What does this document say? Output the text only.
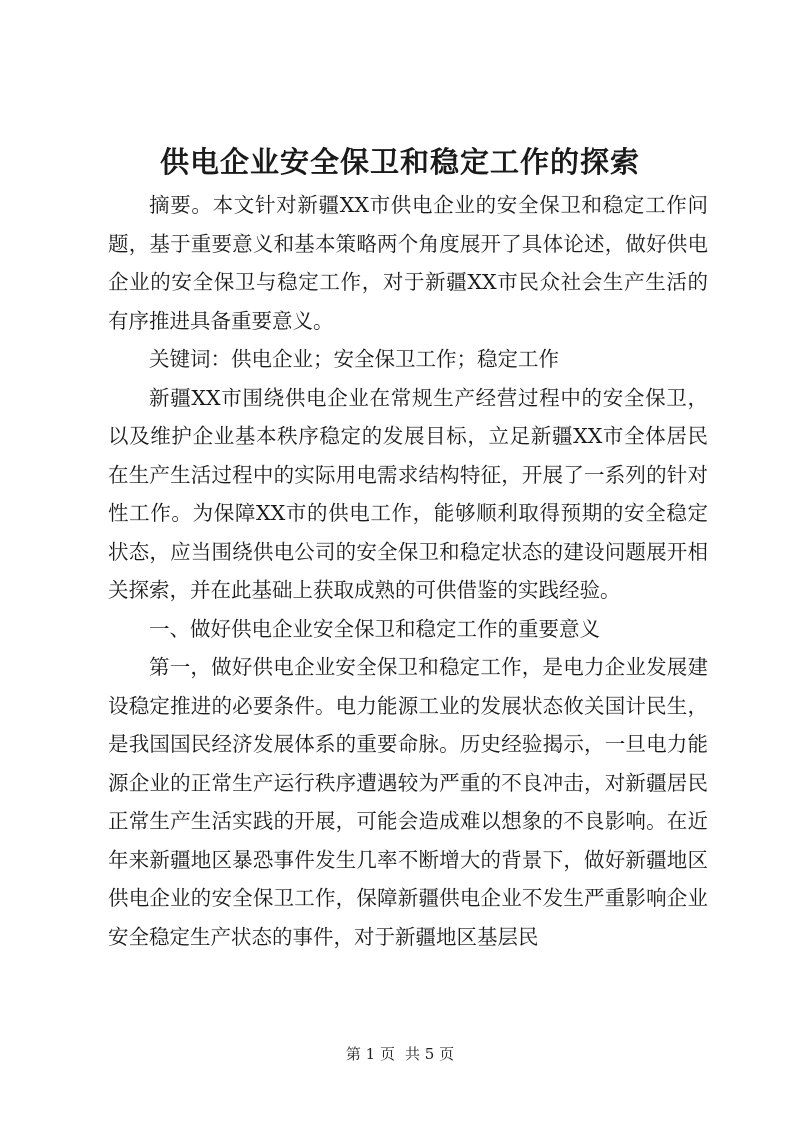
供电企业安全保卫和稳定工作的探索

摘要。本文针对新疆XX市供电企业的安全保卫和稳定工作问题，基于重要意义和基本策略两个角度展开了具体论述，做好供电企业的安全保卫与稳定工作，对于新疆XX市民众社会生产生活的有序推进具备重要意义。

关键词：供电企业；安全保卫工作；稳定工作

新疆XX市围绕供电企业在常规生产经营过程中的安全保卫，以及维护企业基本秩序稳定的发展目标，立足新疆XX市全体居民在生产生活过程中的实际用电需求结构特征，开展了一系列的针对性工作。为保障XX市的供电工作，能够顺利取得预期的安全稳定状态，应当围绕供电公司的安全保卫和稳定状态的建设问题展开相关探索，并在此基础上获取成熟的可供借鉴的实践经验。

一、做好供电企业安全保卫和稳定工作的重要意义

第一，做好供电企业安全保卫和稳定工作，是电力企业发展建设稳定推进的必要条件。电力能源工业的发展状态攸关国计民生，是我国国民经济发展体系的重要命脉。历史经验揭示，一旦电力能源企业的正常生产运行秩序遭遇较为严重的不良冲击，对新疆居民正常生产生活实践的开展，可能会造成难以想象的不良影响。在近年来新疆地区暴恐事件发生几率不断增大的背景下，做好新疆地区供电企业的安全保卫工作，保障新疆供电企业不发生严重影响企业安全稳定生产状态的事件，对于新疆地区基层民

第 1 页 共 5 页
